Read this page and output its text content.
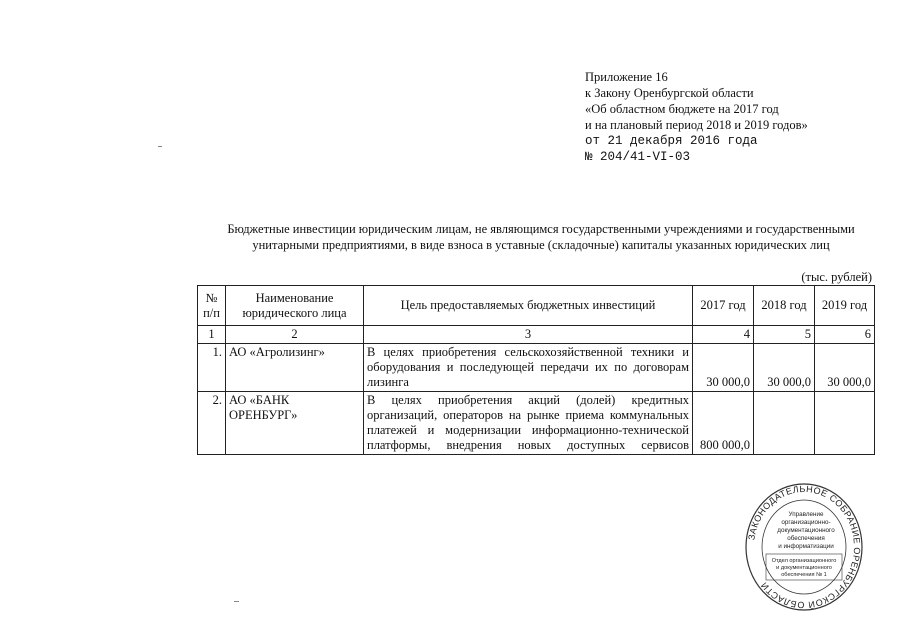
Приложение 16
к Закону Оренбургской области
«Об областном бюджете на 2017 год
и на плановый период 2018 и 2019 годов»
от 21 декабря 2016 года
№ 204/41-VI-03
Бюджетные инвестиции юридическим лицам, не являющимся государственными учреждениями и государственными унитарными предприятиями, в виде взноса в уставные (складочные) капиталы указанных юридических лиц
(тыс. рублей)
№ п/п	Наименование юридического лица	Цель предоставляемых бюджетных инвестиций	2017 год	2018 год	2019 год
1	2	3	4	5	6
1.	АО «Агролизинг»	В целях приобретения сельскохозяйственной техники и оборудования и последующей передачи их по договорам лизинга	30 000,0	30 000,0	30 000,0
2.	АО «БАНК ОРЕНБУРГ»	В целях приобретения акций (долей) кредитных организаций, операторов на рынке приема коммунальных платежей и модернизации информационно-технической платформы, внедрения новых доступных сервисов	800 000,0		
ЗАКОНОДАТЕЛЬНОЕ СОБРАНИЕ ОРЕНБУРГСКОЙ ОБЛАСТИ
Управление
организационно-
документационного
обеспечения
и информатизации
Отдел организационного
и документационного
обеспечения № 1
